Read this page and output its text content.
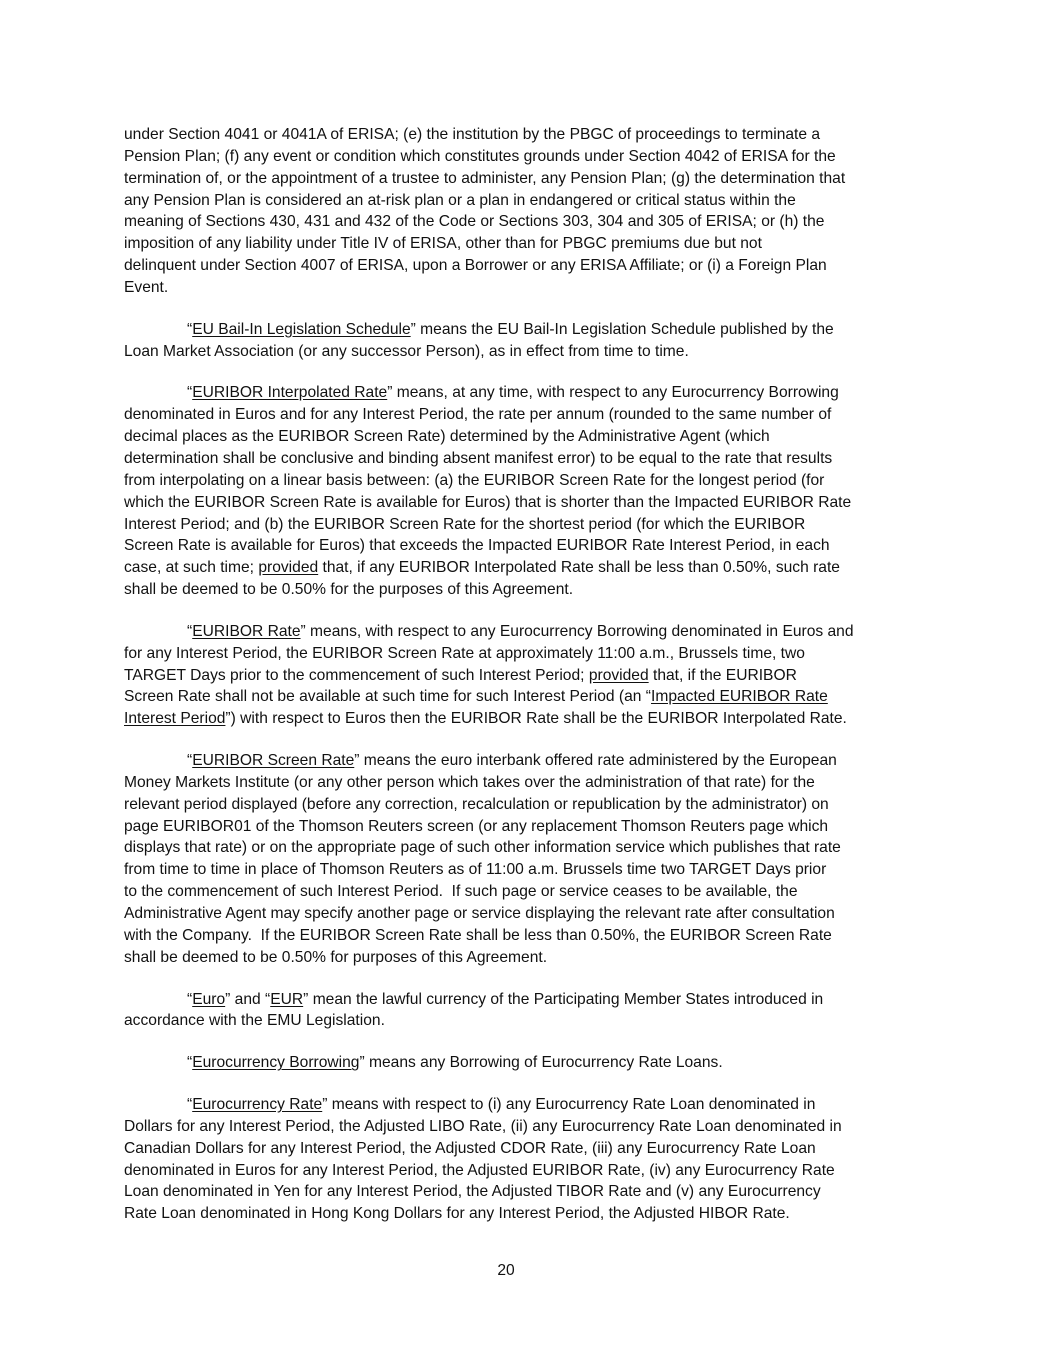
under Section 4041 or 4041A of ERISA; (e) the institution by the PBGC of proceedings to terminate a
Pension Plan; (f) any event or condition which constitutes grounds under Section 4042 of ERISA for the
termination of, or the appointment of a trustee to administer, any Pension Plan; (g) the determination that
any Pension Plan is considered an at-risk plan or a plan in endangered or critical status within the
meaning of Sections 430, 431 and 432 of the Code or Sections 303, 304 and 305 of ERISA; or (h) the
imposition of any liability under Title IV of ERISA, other than for PBGC premiums due but not
delinquent under Section 4007 of ERISA, upon a Borrower or any ERISA Affiliate; or (i) a Foreign Plan
Event.
“EU Bail-In Legislation Schedule” means the EU Bail-In Legislation Schedule published by the
Loan Market Association (or any successor Person), as in effect from time to time.
“EURIBOR Interpolated Rate” means, at any time, with respect to any Eurocurrency Borrowing
denominated in Euros and for any Interest Period, the rate per annum (rounded to the same number of
decimal places as the EURIBOR Screen Rate) determined by the Administrative Agent (which
determination shall be conclusive and binding absent manifest error) to be equal to the rate that results
from interpolating on a linear basis between: (a) the EURIBOR Screen Rate for the longest period (for
which the EURIBOR Screen Rate is available for Euros) that is shorter than the Impacted EURIBOR Rate
Interest Period; and (b) the EURIBOR Screen Rate for the shortest period (for which the EURIBOR
Screen Rate is available for Euros) that exceeds the Impacted EURIBOR Rate Interest Period, in each
case, at such time; provided that, if any EURIBOR Interpolated Rate shall be less than 0.50%, such rate
shall be deemed to be 0.50% for the purposes of this Agreement.
“EURIBOR Rate” means, with respect to any Eurocurrency Borrowing denominated in Euros and
for any Interest Period, the EURIBOR Screen Rate at approximately 11:00 a.m., Brussels time, two
TARGET Days prior to the commencement of such Interest Period; provided that, if the EURIBOR
Screen Rate shall not be available at such time for such Interest Period (an “Impacted EURIBOR Rate
Interest Period”) with respect to Euros then the EURIBOR Rate shall be the EURIBOR Interpolated Rate.
“EURIBOR Screen Rate” means the euro interbank offered rate administered by the European
Money Markets Institute (or any other person which takes over the administration of that rate) for the
relevant period displayed (before any correction, recalculation or republication by the administrator) on
page EURIBOR01 of the Thomson Reuters screen (or any replacement Thomson Reuters page which
displays that rate) or on the appropriate page of such other information service which publishes that rate
from time to time in place of Thomson Reuters as of 11:00 a.m. Brussels time two TARGET Days prior
to the commencement of such Interest Period.  If such page or service ceases to be available, the
Administrative Agent may specify another page or service displaying the relevant rate after consultation
with the Company.  If the EURIBOR Screen Rate shall be less than 0.50%, the EURIBOR Screen Rate
shall be deemed to be 0.50% for purposes of this Agreement.
“Euro” and “EUR” mean the lawful currency of the Participating Member States introduced in
accordance with the EMU Legislation.
“Eurocurrency Borrowing” means any Borrowing of Eurocurrency Rate Loans.
“Eurocurrency Rate” means with respect to (i) any Eurocurrency Rate Loan denominated in
Dollars for any Interest Period, the Adjusted LIBO Rate, (ii) any Eurocurrency Rate Loan denominated in
Canadian Dollars for any Interest Period, the Adjusted CDOR Rate, (iii) any Eurocurrency Rate Loan
denominated in Euros for any Interest Period, the Adjusted EURIBOR Rate, (iv) any Eurocurrency Rate
Loan denominated in Yen for any Interest Period, the Adjusted TIBOR Rate and (v) any Eurocurrency
Rate Loan denominated in Hong Kong Dollars for any Interest Period, the Adjusted HIBOR Rate.
20
